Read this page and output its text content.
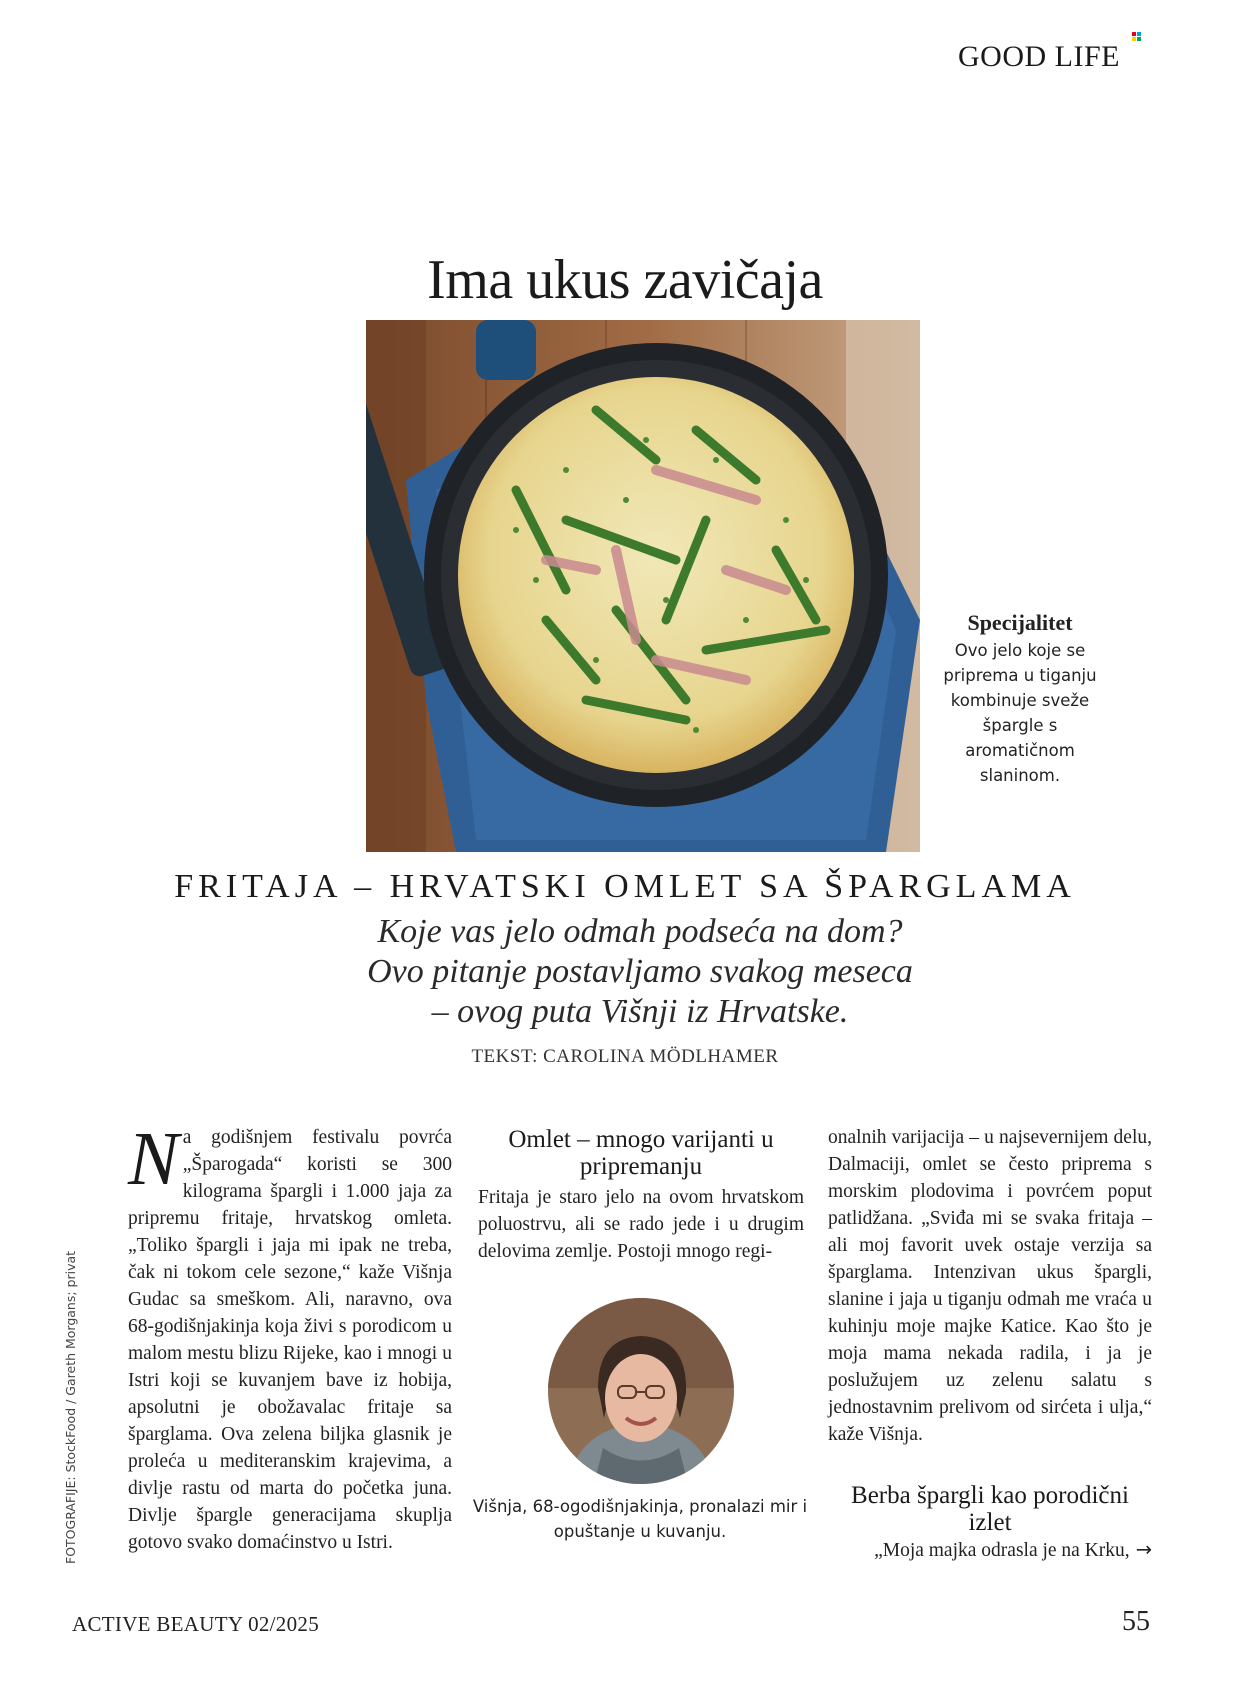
GOOD LIFE
Ima ukus zavičaja
Specijalitet
Ovo jelo koje se priprema u tiganju kombinuje sveže špargle s aromatičnom slaninom.
FRITAJA – HRVATSKI OMLET SA ŠPARGLAMA
Koje vas jelo odmah podseća na dom?
Ovo pitanje postavljamo svakog meseca
– ovog puta Višnji iz Hrvatske.
TEKST: CAROLINA MÖDLHAMER
N a godišnjem festivalu povrća „Šparogada“ koristi se 300 kilograma špargli i 1.000 jaja za pripremu fritaje, hrvatskog omleta. „Toliko špargli i jaja mi ipak ne treba, čak ni tokom cele sezone,“ kaže Višnja Gudac sa smeškom. Ali, naravno, ova 68-godišnjakinja koja živi s porodicom u malom mestu blizu Rijeke, kao i mnogi u Istri koji se kuvanjem bave iz hobija, apsolutni je obožavalac fritaje sa šparglama. Ova zelena biljka glasnik je proleća u mediteranskim krajevima, a divlje rastu od marta do početka juna. Divlje špargle generacijama skuplja gotovo svako domaćinstvo u Istri.
Omlet – mnogo varijanti u pripremanju
Fritaja je staro jelo na ovom hrvatskom poluostrvu, ali se rado jede i u drugim delovima zemlje. Postoji mnogo regi-
Višnja, 68-ogodišnjakinja, pronalazi mir i opuštanje u kuvanju.
onalnih varijacija – u najsevernijem delu, Dalmaciji, omlet se često priprema s morskim plodovima i povrćem poput patlidžana. „Sviđa mi se svaka fritaja – ali moj favorit uvek ostaje verzija sa šparglama. Intenzivan ukus špargli, slanine i jaja u tiganju odmah me vraća u kuhinju moje majke Katice. Kao što je moja mama nekada radila, i ja je poslužujem uz zelenu salatu s jednostavnim prelivom od sirćeta i ulja,“ kaže Višnja.
Berba špargli kao porodični izlet
„Moja majka odrasla je na Krku, →
FOTOGRAFIJE: StockFood / Gareth Morgans; privat
ACTIVE BEAUTY 02/2025	55
